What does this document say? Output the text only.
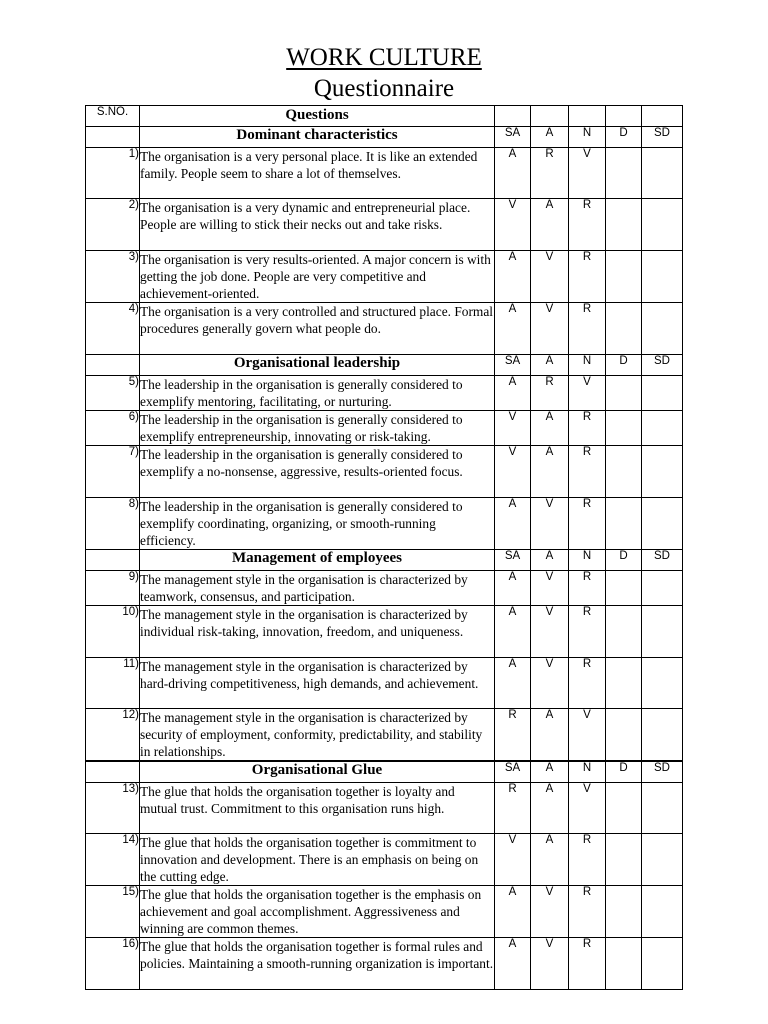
WORK CULTURE
Questionnaire
S.NO.	Questions					
	Dominant characteristics	SA	A	N	D	SD
1)	The organisation is a very personal place. It is like an extended family. People seem to share a lot of themselves.	A	R	V		
2)	The organisation is a very dynamic and entrepreneurial place. People are willing to stick their necks out and take risks.	V	A	R		
3)	The organisation is very results-oriented. A major concern is with getting the job done. People are very competitive and achievement-oriented.	A	V	R		
4)	The organisation is a very controlled and structured place. Formal procedures generally govern what people do.	A	V	R		
	Organisational leadership	SA	A	N	D	SD
5)	The leadership in the organisation is generally considered to exemplify mentoring, facilitating, or nurturing.	A	R	V		
6)	The leadership in the organisation is generally considered to exemplify entrepreneurship, innovating or risk-taking.	V	A	R		
7)	The leadership in the organisation is generally considered to exemplify a no-nonsense, aggressive, results-oriented focus.	V	A	R		
8)	The leadership in the organisation is generally considered to exemplify coordinating, organizing, or smooth-running efficiency.	A	V	R		
	Management of employees	SA	A	N	D	SD
9)	The management style in the organisation is characterized by teamwork, consensus, and participation.	A	V	R		
10)	The management style in the organisation is characterized by individual risk-taking, innovation, freedom, and uniqueness.	A	V	R		
11)	The management style in the organisation is characterized by hard-driving competitiveness, high demands, and achievement.	A	V	R		
12)	The management style in the organisation is characterized by security of employment, conformity, predictability, and stability in relationships.	R	A	V		
	Organisational Glue	SA	A	N	D	SD
13)	The glue that holds the organisation together is loyalty and mutual trust. Commitment to this organisation runs high.	R	A	V		
14)	The glue that holds the organisation together is commitment to innovation and development. There is an emphasis on being on the cutting edge.	V	A	R		
15)	The glue that holds the organisation together is the emphasis on achievement and goal accomplishment. Aggressiveness and winning are common themes.	A	V	R		
16)	The glue that holds the organisation together is formal rules and policies. Maintaining a smooth-running organization is important.	A	V	R		
